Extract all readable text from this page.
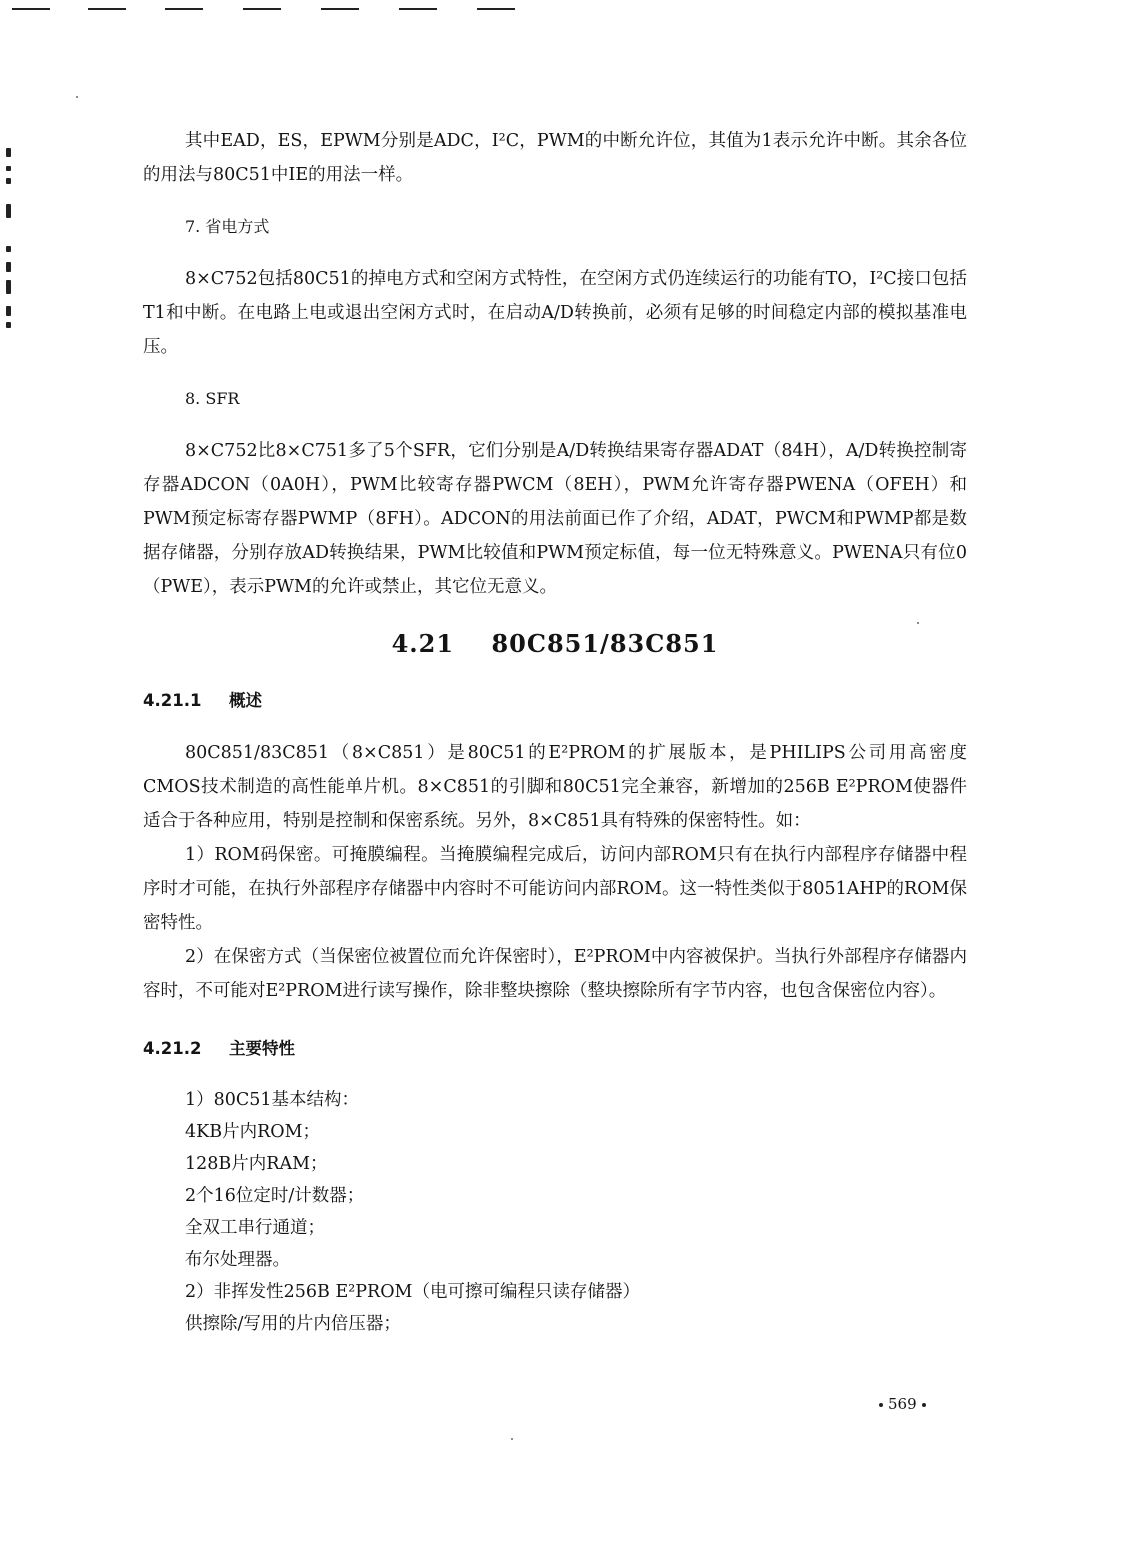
其中EAD，ES，EPWM分别是ADC，I²C，PWM的中断允许位，其值为1表示允许中断。其余各位的用法与80C51中IE的用法一样。

7. 省电方式

8×C752包括80C51的掉电方式和空闲方式特性，在空闲方式仍连续运行的功能有TO，I²C接口包括T1和中断。在电路上电或退出空闲方式时，在启动A/D转换前，必须有足够的时间稳定内部的模拟基准电压。

8. SFR

8×C752比8×C751多了5个SFR，它们分别是A/D转换结果寄存器ADAT（84H），A/D转换控制寄存器ADCON（0A0H），PWM比较寄存器PWCM（8EH），PWM允许寄存器PWENA（OFEH）和PWM预定标寄存器PWMP（8FH）。ADCON的用法前面已作了介绍，ADAT，PWCM和PWMP都是数据存储器，分别存放AD转换结果，PWM比较值和PWM预定标值，每一位无特殊意义。PWENA只有位0（PWE），表示PWM的允许或禁止，其它位无意义。

4.21 80C851/83C851
4.21.1 概述

80C851/83C851（8×C851）是80C51的E²PROM的扩展版本，是PHILIPS公司用高密度CMOS技术制造的高性能单片机。8×C851的引脚和80C51完全兼容，新增加的256B E²PROM使器件适合于各种应用，特别是控制和保密系统。另外，8×C851具有特殊的保密特性。如：

1）ROM码保密。可掩膜编程。当掩膜编程完成后，访问内部ROM只有在执行内部程序存储器中程序时才可能，在执行外部程序存储器中内容时不可能访问内部ROM。这一特性类似于8051AHP的ROM保密特性。

2）在保密方式（当保密位被置位而允许保密时），E²PROM中内容被保护。当执行外部程序存储器内容时，不可能对E²PROM进行读写操作，除非整块擦除（整块擦除所有字节内容，也包含保密位内容）。

4.21.2 主要特性

1）80C51基本结构：

4KB片内ROM；

128B片内RAM；

2个16位定时/计数器；

全双工串行通道；

布尔处理器。

2）非挥发性256B E²PROM（电可擦可编程只读存储器）

供擦除/写用的片内倍压器；

569
